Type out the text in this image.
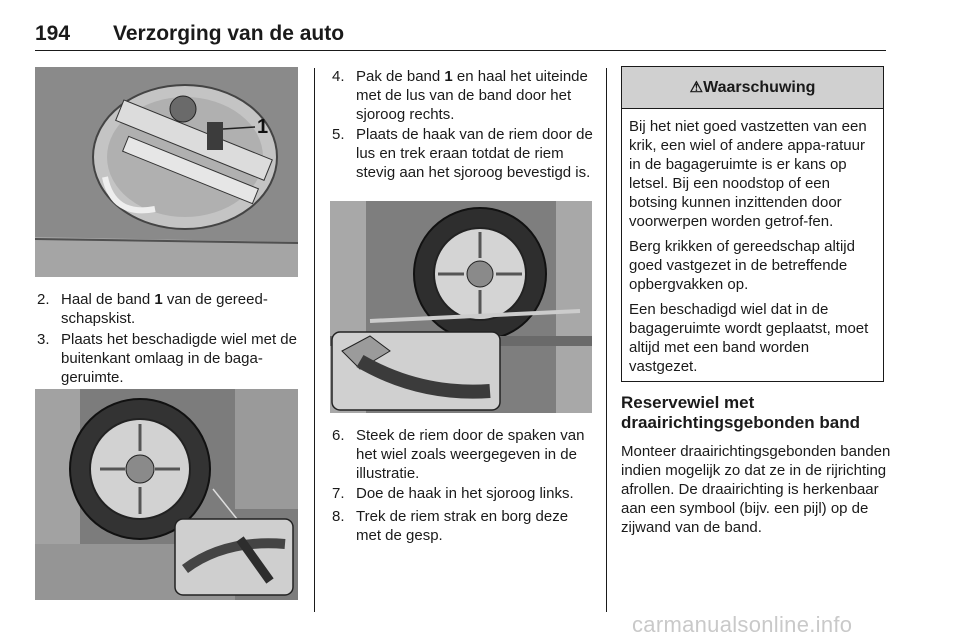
194 Verzorging van de auto
1
2. Haal de band 1 van de gereed-schapskist.
3. Plaats het beschadigde wiel met de buitenkant omlaag in de baga-geruimte.
4. Pak de band 1 en haal het uiteinde met de lus van de band door het sjoroog rechts.
5. Plaats de haak van de riem door de lus en trek eraan totdat de riem stevig aan het sjoroog bevestigd is.
6. Steek de riem door de spaken van het wiel zoals weergegeven in de illustratie.
7. Doe de haak in het sjoroog links.
8. Trek de riem strak en borg deze met de gesp.
⚠Waarschuwing

Bij het niet goed vastzetten van een krik, een wiel of andere appa-ratuur in de bagageruimte is er kans op letsel. Bij een noodstop of een botsing kunnen inzittenden door voorwerpen worden getrof-fen.

Berg krikken of gereedschap altijd goed vastgezet in de betreffende opbergvakken op.

Een beschadigd wiel dat in de bagageruimte wordt geplaatst, moet altijd met een band worden vastgezet.

Reservewiel met draairichtingsgebonden band
Monteer draairichtingsgebonden banden indien mogelijk zo dat ze in de rijrichting afrollen. De draairichting is herkenbaar aan een symbool (bijv. een pijl) op de zijwand van de band.
carmanualsonline.info
